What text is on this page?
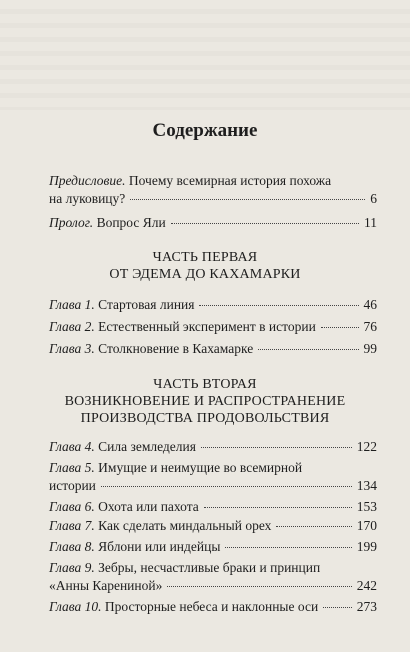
Содержание
Предисловие. Почему всемирная история похожа
на луковицу?	6
Пролог. Вопрос Яли	11
ЧАСТЬ ПЕРВАЯ
ОТ ЭДЕМА ДО КАХАМАРКИ
Глава 1. Стартовая линия	46
Глава 2. Естественный эксперимент в истории	76
Глава 3. Столкновение в Кахамарке	99
ЧАСТЬ ВТОРАЯ
ВОЗНИКНОВЕНИЕ И РАСПРОСТРАНЕНИЕ
ПРОИЗВОДСТВА ПРОДОВОЛЬСТВИЯ
Глава 4. Сила земледелия	122
Глава 5. Имущие и неимущие во всемирной
истории	134
Глава 6. Охота или пахота	153
Глава 7. Как сделать миндальный орех	170
Глава 8. Яблони или индейцы	199
Глава 9. Зебры, несчастливые браки и принцип
«Анны Карениной»	242
Глава 10. Просторные небеса и наклонные оси	273
